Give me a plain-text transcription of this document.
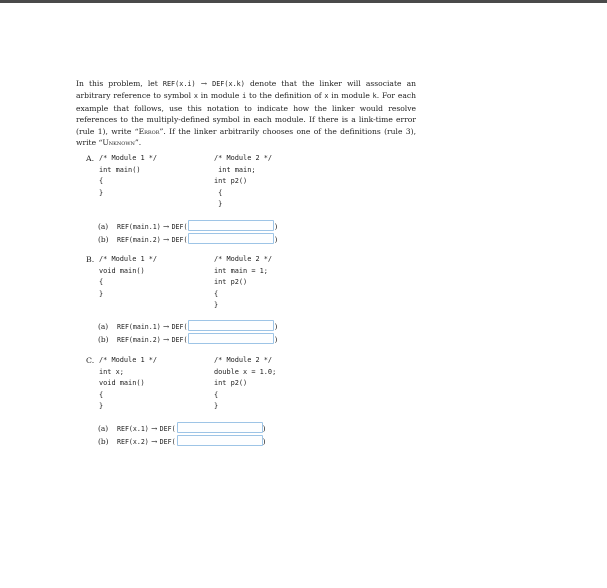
In this problem, let REF(x.i) → DEF(x.k) denote that the linker will associate an arbitrary reference to symbol x in module i to the definition of x in module k. For each example that follows, use this notation to indicate how the linker would resolve references to the multiply-defined symbol in each module. If there is a link-time error (rule 1), write “Error”. If the linker arbitrarily chooses one of the definitions (rule 3), write “Unknown”.
A. /* Module 1 */
int main()
{
}
/* Module 2 */
int main;
int p2()
{
}
(a) REF(main.1) → DEF(	)
(b) REF(main.2) → DEF(	)
B. /* Module 1 */
void main()
{
}
/* Module 2 */
int main = 1;
int p2()
{
}
(a) REF(main.1) → DEF(	)
(b) REF(main.2) → DEF(	)
C. /* Module 1 */
int x;
void main()
{
}
/* Module 2 */
double x = 1.0;
int p2()
{
}
(a) REF(x.1) → DEF(	)
(b) REF(x.2) → DEF(	)
